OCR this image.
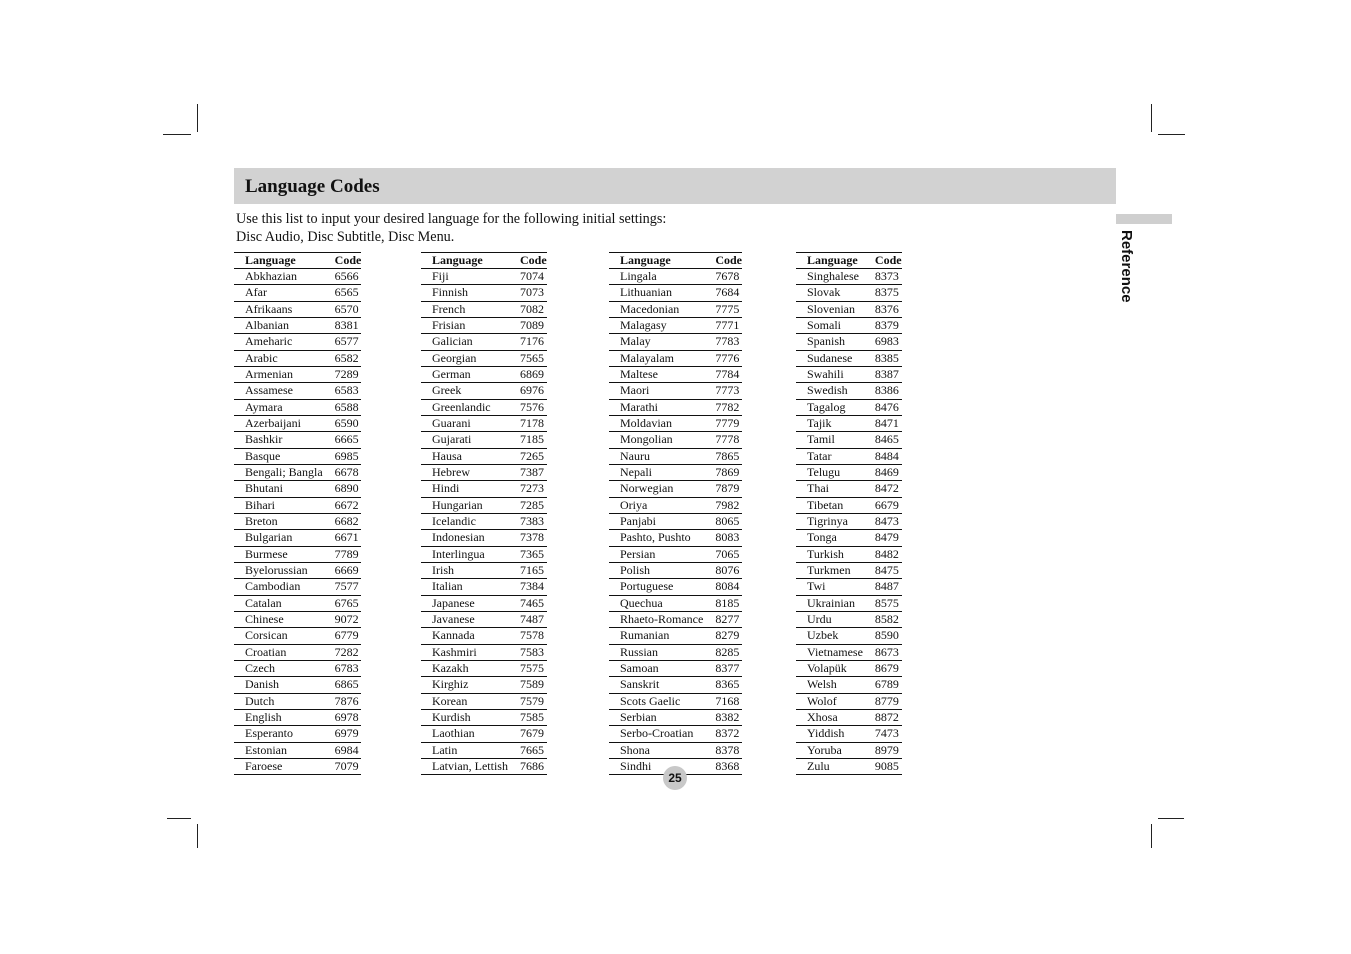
Language Codes
Use this list to input your desired language for the following initial settings:
Disc Audio, Disc Subtitle, Disc Menu.	Reference
Language	Code
Abkhazian	6566
Afar	6565
Afrikaans	6570
Albanian	8381
Ameharic	6577
Arabic	6582
Armenian	7289
Assamese	6583
Aymara	6588
Azerbaijani	6590
Bashkir	6665
Basque	6985
Bengali; Bangla	6678
Bhutani	6890
Bihari	6672
Breton	6682
Bulgarian	6671
Burmese	7789
Byelorussian	6669
Cambodian	7577
Catalan	6765
Chinese	9072
Corsican	6779
Croatian	7282
Czech	6783
Danish	6865
Dutch	7876
English	6978
Esperanto	6979
Estonian	6984
Faroese	7079
Language	Code
Fiji	7074
Finnish	7073
French	7082
Frisian	7089
Galician	7176
Georgian	7565
German	6869
Greek	6976
Greenlandic	7576
Guarani	7178
Gujarati	7185
Hausa	7265
Hebrew	7387
Hindi	7273
Hungarian	7285
Icelandic	7383
Indonesian	7378
Interlingua	7365
Irish	7165
Italian	7384
Japanese	7465
Javanese	7487
Kannada	7578
Kashmiri	7583
Kazakh	7575
Kirghiz	7589
Korean	7579
Kurdish	7585
Laothian	7679
Latin	7665
Latvian, Lettish	7686
Language	Code
Lingala	7678
Lithuanian	7684
Macedonian	7775
Malagasy	7771
Malay	7783
Malayalam	7776
Maltese	7784
Maori	7773
Marathi	7782
Moldavian	7779
Mongolian	7778
Nauru	7865
Nepali	7869
Norwegian	7879
Oriya	7982
Panjabi	8065
Pashto, Pushto	8083
Persian	7065
Polish	8076
Portuguese	8084
Quechua	8185
Rhaeto-Romance	8277
Rumanian	8279
Russian	8285
Samoan	8377
Sanskrit	8365
Scots Gaelic	7168
Serbian	8382
Serbo-Croatian	8372
Shona	8378
Sindhi	8368
Language	Code
Singhalese	8373
Slovak	8375
Slovenian	8376
Somali	8379
Spanish	6983
Sudanese	8385
Swahili	8387
Swedish	8386
Tagalog	8476
Tajik	8471
Tamil	8465
Tatar	8484
Telugu	8469
Thai	8472
Tibetan	6679
Tigrinya	8473
Tonga	8479
Turkish	8482
Turkmen	8475
Twi	8487
Ukrainian	8575
Urdu	8582
Uzbek	8590
Vietnamese	8673
Volapük	8679
Welsh	6789
Wolof	8779
Xhosa	8872
Yiddish	7473
Yoruba	8979
Zulu	9085
25
